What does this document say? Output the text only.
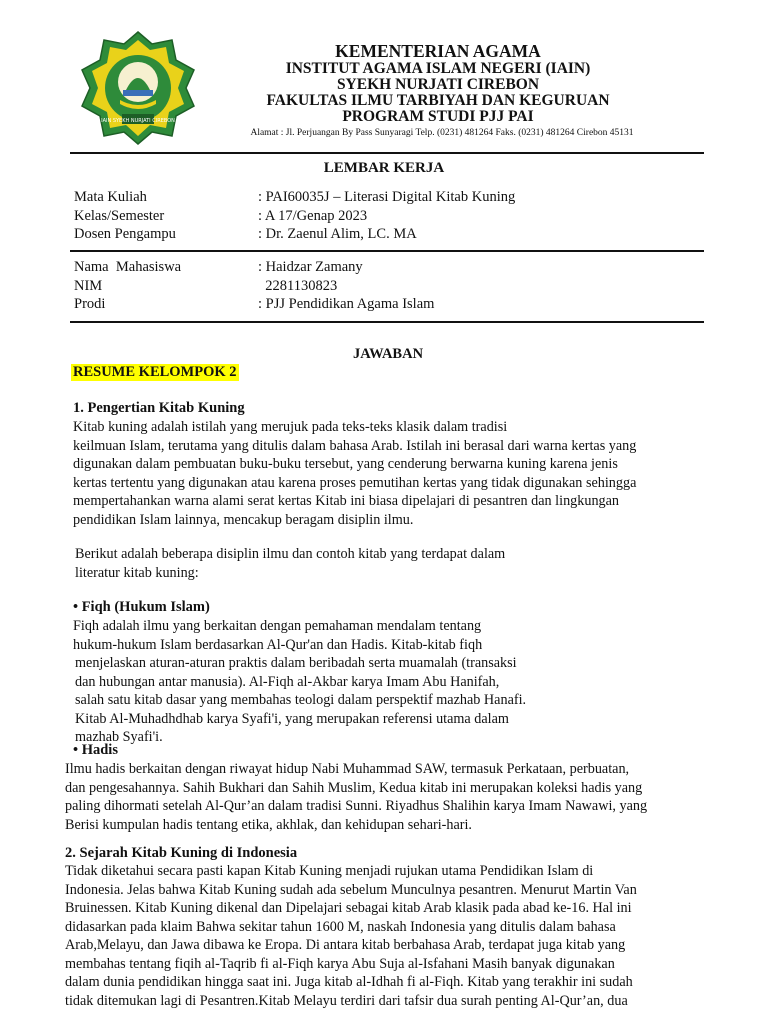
IAIN SYEKH NURJATI CIREBON
KEMENTERIAN AGAMA
INSTITUT AGAMA ISLAM NEGERI (IAIN)
SYEKH NURJATI CIREBON
FAKULTAS ILMU TARBIYAH DAN KEGURUAN
PROGRAM STUDI PJJ PAI
Alamat : Jl. Perjuangan By Pass Sunyaragi Telp. (0231) 481264 Faks. (0231) 481264 Cirebon 45131
LEMBAR KERJA
Mata Kuliah	: PAI60035J – Literasi Digital Kitab Kuning
Kelas/Semester	: A 17/Genap 2023
Dosen Pengampu	: Dr. Zaenul Alim, LC. MA
Nama  Mahasiswa	: Haidzar Zamany
NIM	2281130823
Prodi	: PJJ Pendidikan Agama Islam
JAWABAN
RESUME KELOMPOK 2
1. Pengertian Kitab Kuning
Kitab kuning adalah istilah yang merujuk pada teks-teks klasik dalam tradisi
keilmuan Islam, terutama yang ditulis dalam bahasa Arab. Istilah ini berasal dari warna kertas yang
digunakan dalam pembuatan buku-buku tersebut, yang cenderung berwarna kuning karena jenis
kertas tertentu yang digunakan atau karena proses pemutihan kertas yang tidak digunakan sehingga
mempertahankan warna alami serat kertas Kitab ini biasa dipelajari di pesantren dan lingkungan
pendidikan Islam lainnya, mencakup beragam disiplin ilmu.
Berikut adalah beberapa disiplin ilmu dan contoh kitab yang terdapat dalam
literatur kitab kuning:
• Fiqh (Hukum Islam)
Fiqh adalah ilmu yang berkaitan dengan pemahaman mendalam tentang
hukum-hukum Islam berdasarkan Al-Qur'an dan Hadis. Kitab-kitab fiqh
menjelaskan aturan-aturan praktis dalam beribadah serta muamalah (transaksi
dan hubungan antar manusia). Al-Fiqh al-Akbar karya Imam Abu Hanifah,
salah satu kitab dasar yang membahas teologi dalam perspektif mazhab Hanafi.
Kitab Al-Muhadhdhab karya Syafi'i, yang merupakan referensi utama dalam
mazhab Syafi'i.
• Hadis
Ilmu hadis berkaitan dengan riwayat hidup Nabi Muhammad SAW, termasuk Perkataan, perbuatan,
dan pengesahannya. Sahih Bukhari dan Sahih Muslim, Kedua kitab ini merupakan koleksi hadis yang
paling dihormati setelah Al-Qur’an dalam tradisi Sunni. Riyadhus Shalihin karya Imam Nawawi, yang
Berisi kumpulan hadis tentang etika, akhlak, dan kehidupan sehari-hari.
2. Sejarah Kitab Kuning di Indonesia
Tidak diketahui secara pasti kapan Kitab Kuning menjadi rujukan utama Pendidikan Islam di
Indonesia. Jelas bahwa Kitab Kuning sudah ada sebelum Munculnya pesantren. Menurut Martin Van
Bruinessen. Kitab Kuning dikenal dan Dipelajari sebagai kitab Arab klasik pada abad ke-16. Hal ini
didasarkan pada klaim Bahwa sekitar tahun 1600 M, naskah Indonesia yang ditulis dalam bahasa
Arab,Melayu, dan Jawa dibawa ke Eropa. Di antara kitab berbahasa Arab, terdapat juga kitab yang
membahas tentang fiqih al-Taqrib fi al-Fiqh karya Abu Suja al-Isfahani Masih banyak digunakan
dalam dunia pendidikan hingga saat ini. Juga kitab al-Idhah fi al-Fiqh. Kitab yang terakhir ini sudah
tidak ditemukan lagi di Pesantren.Kitab Melayu terdiri dari tafsir dua surah penting Al-Qur’an, dua
